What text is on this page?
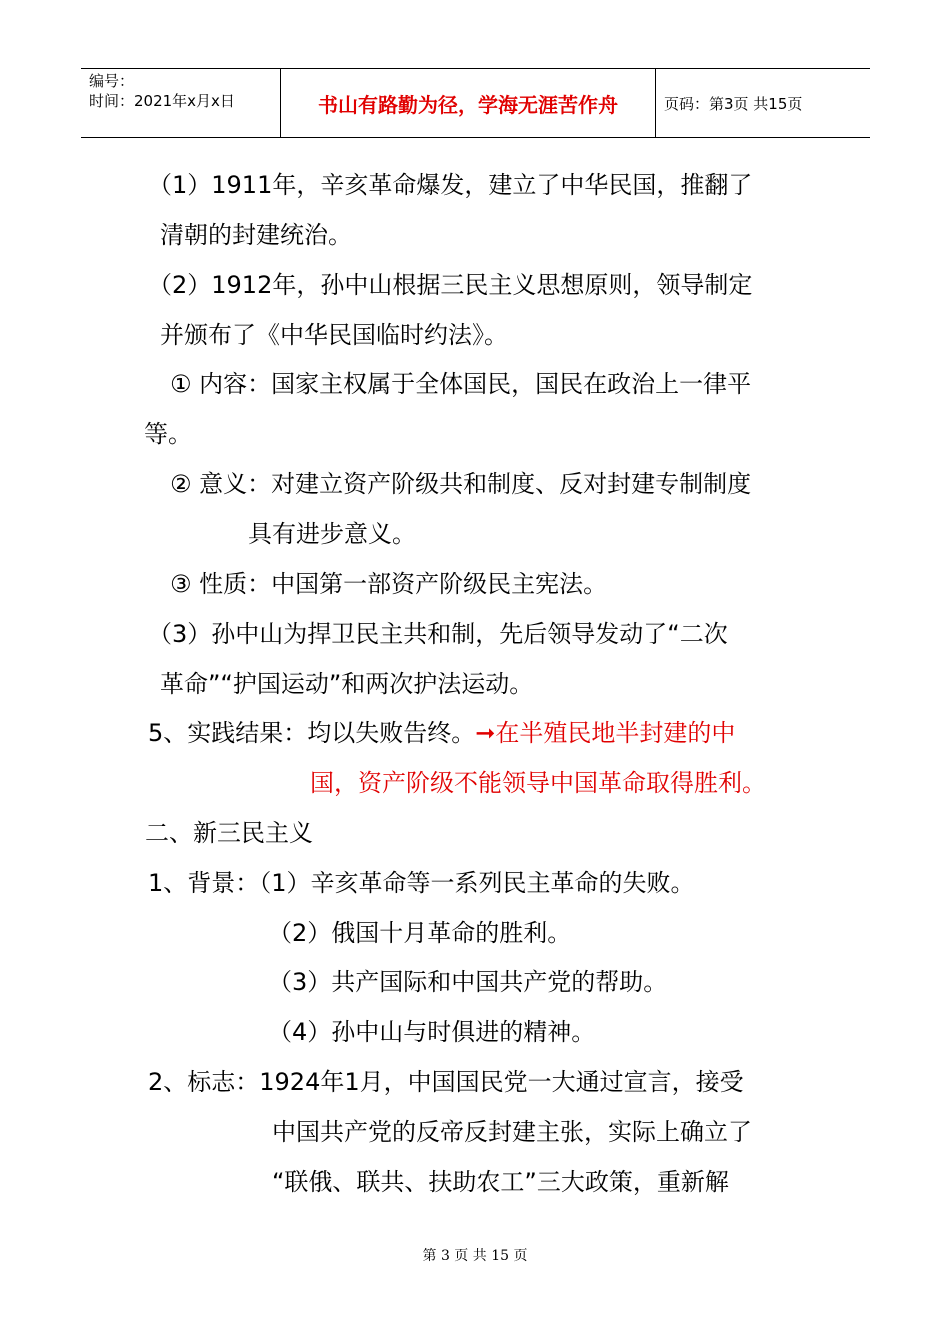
编号：
时间：2021年x月x日	书山有路勤为径，学海无涯苦作舟	页码：第3页 共15页
（1）1911年，辛亥革命爆发，建立了中华民国，推翻了
清朝的封建统治。
（2）1912年，孙中山根据三民主义思想原则，领导制定
并颁布了《中华民国临时约法》。
① 内容：国家主权属于全体国民，国民在政治上一律平
等。
② 意义：对建立资产阶级共和制度、反对封建专制制度
具有进步意义。
③ 性质：中国第一部资产阶级民主宪法。
（3）孙中山为捍卫民主共和制，先后领导发动了“二次
革命”“护国运动”和两次护法运动。
5、实践结果：均以失败告终。➞在半殖民地半封建的中
国，资产阶级不能领导中国革命取得胜利。
二、新三民主义
1、背景：（1）辛亥革命等一系列民主革命的失败。
（2）俄国十月革命的胜利。
（3）共产国际和中国共产党的帮助。
（4）孙中山与时俱进的精神。
2、标志：1924年1月，中国国民党一大通过宣言，接受
中国共产党的反帝反封建主张，实际上确立了
“联俄、联共、扶助农工”三大政策，重新解
第 3 页 共 15 页
